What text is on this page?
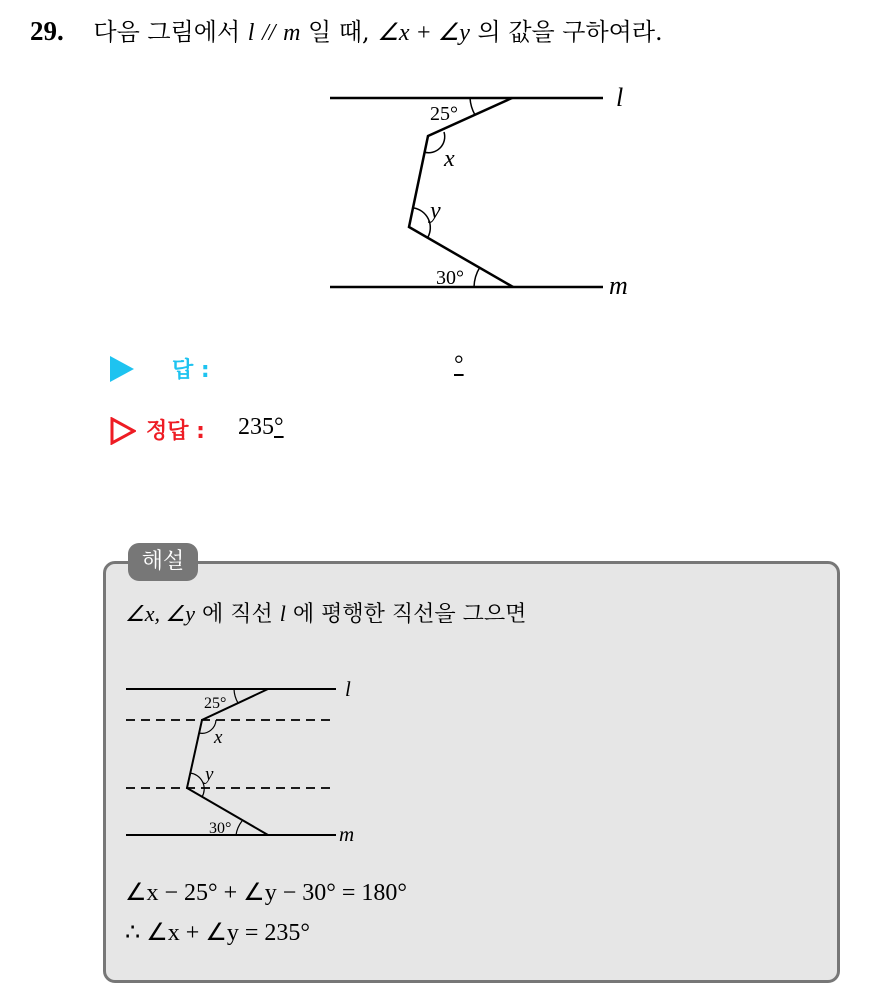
29. 다음 그림에서 l // m 일 때, ∠x + ∠y 의 값을 구하여라.
25°
x
y
30°
l
m
답 :	°
정답 : 235°
해설
∠x, ∠y 에 직선 l 에 평행한 직선을 그으면
25°
x
y
30°
l
m
∠x − 25° + ∠y − 30° = 180°
∴ ∠x + ∠y = 235°
